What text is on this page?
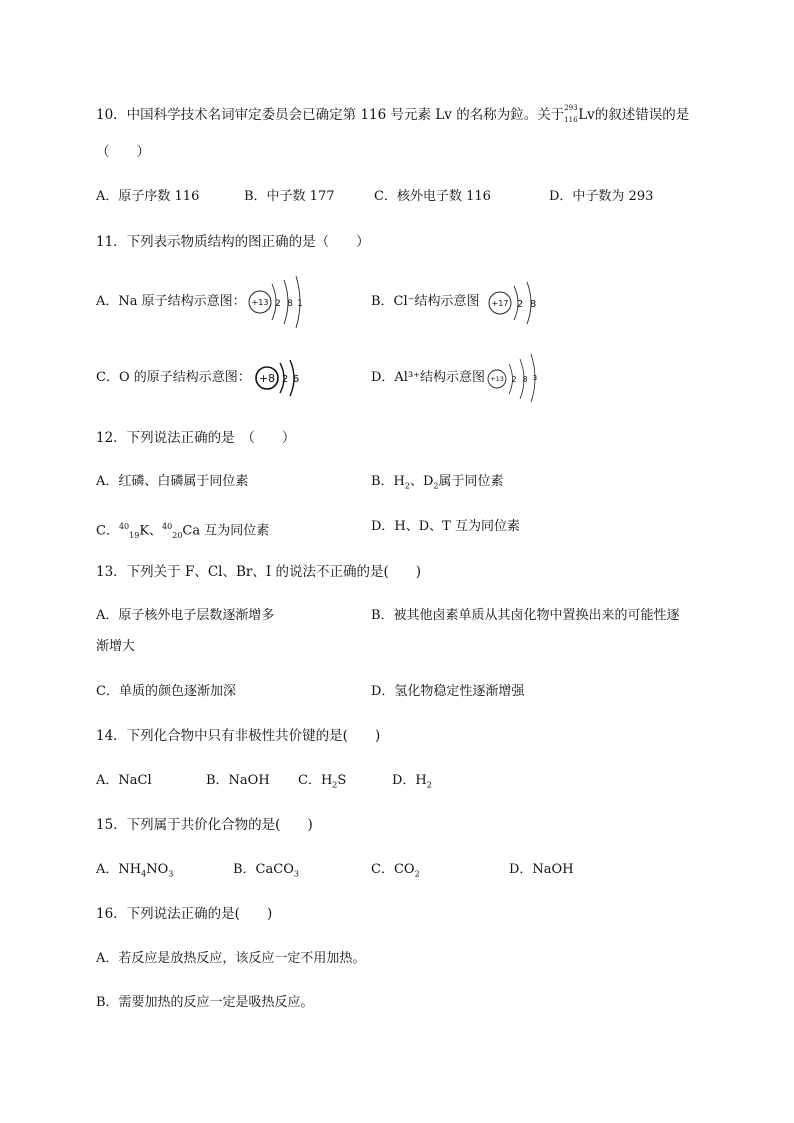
10．中国科学技术名词审定委员会已确定第 116 号元素 Lv 的名称为鉝。关于 293
116 Lv的叙述错误的是
（　　）
A．原子序数 116	B．中子数 177	C．核外电子数 116	D．中子数为 293
11．下列表示物质结构的图正确的是（　　）
A．Na 原子结构示意图： +13 2 8 1	B．Cl⁻结构示意图 +17 2 8
C．O 的原子结构示意图： +8 2 6	D．Al³⁺结构示意图 +13 2 8 3
12．下列说法正确的是　（　　）
A．红磷、白磷属于同位素	B．$H_2$、$D_2$属于同位素
C．$^{40}_{19}$K、$^{40}_{20}$Ca 互为同位素	D．H、D、T 互为同位素
13．下列关于 F、Cl、Br、I 的说法不正确的是(　　)
A．原子核外电子层数逐渐增多	B．被其他卤素单质从其卤化物中置换出来的可能性逐
渐增大
C．单质的颜色逐渐加深	D．氢化物稳定性逐渐增强
14．下列化合物中只有非极性共价键的是(　　)
A．NaCl	B．NaOH C．$H_2S$	D．$H_2$
15．下列属于共价化合物的是(　　)
A．$NH_4NO_3$	B．CaCO$_3$	C．$CO_2$	D．NaOH
16．下列说法正确的是(　　)
A．若反应是放热反应，该反应一定不用加热。
B．需要加热的反应一定是吸热反应。
